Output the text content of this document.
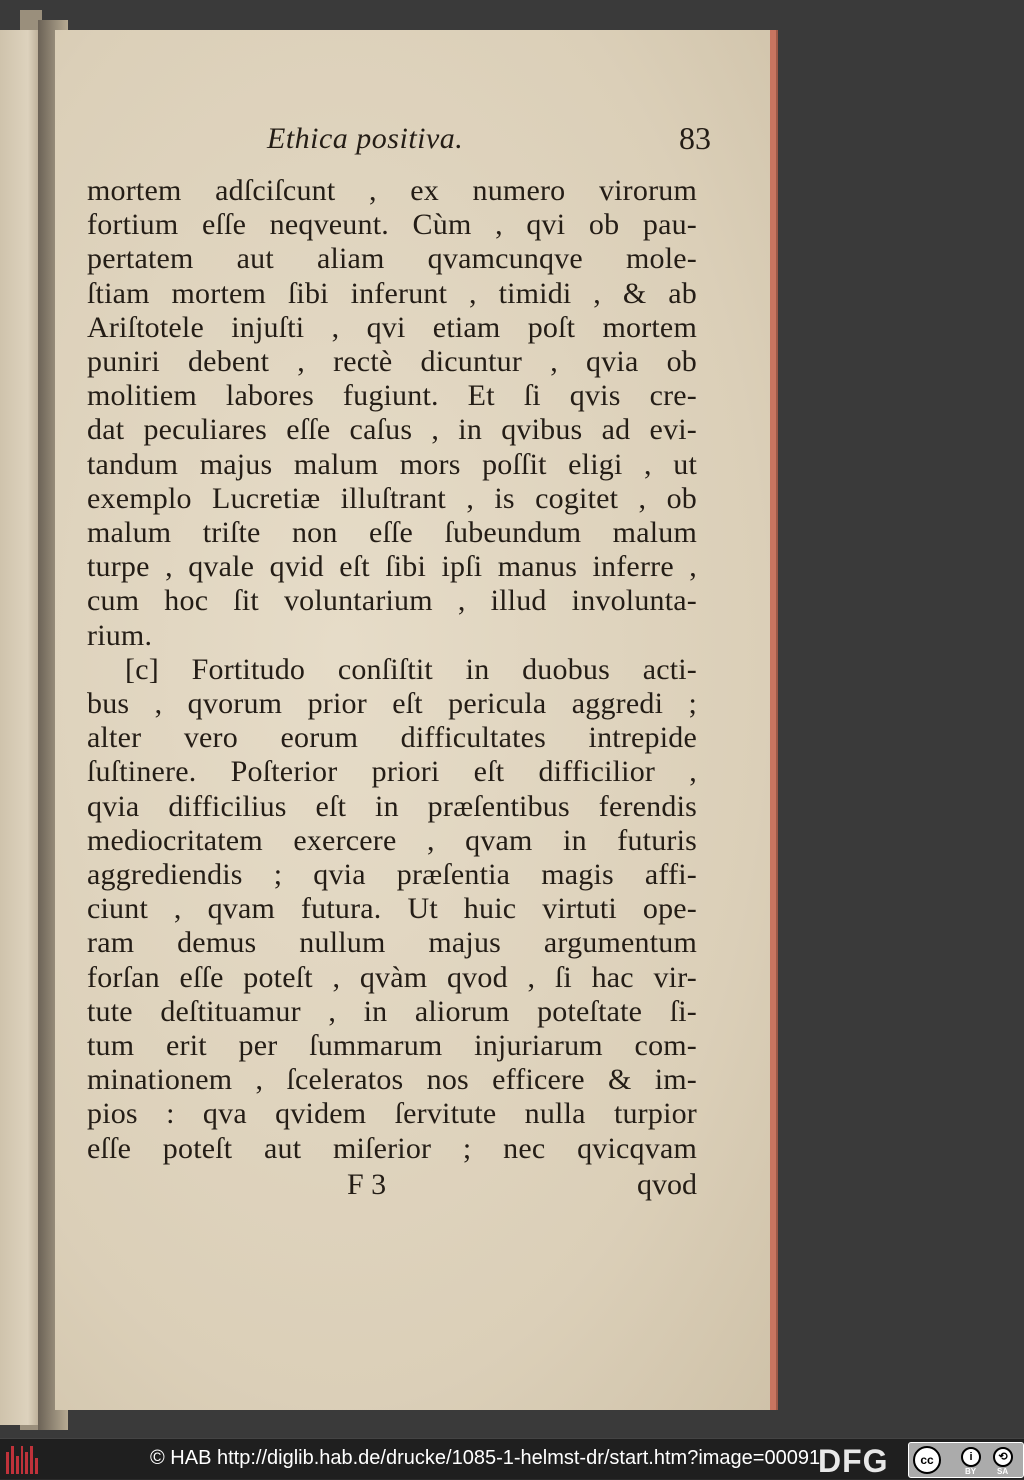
Ethica positiva.	83
mortem adſciſcunt , ex numero virorum
fortium eſſe neqveunt. Cùm , qvi ob pau-
pertatem aut aliam qvamcunqve mole-
ſtiam mortem ſibi inferunt , timidi , & ab
Ariſtotele injuſti , qvi etiam poſt mortem
puniri debent , rectè dicuntur , qvia ob
molitiem labores fugiunt. Et ſi qvis cre-
dat peculiares eſſe caſus , in qvibus ad evi-
tandum majus malum mors poſſit eligi , ut
exemplo Lucretiæ illuſtrant , is cogitet , ob
malum triſte non eſſe ſubeundum malum
turpe , qvale qvid eſt ſibi ipſi manus inferre ,
cum hoc ſit voluntarium , illud involunta-
rium.
[c] Fortitudo conſiſtit in duobus acti-
bus , qvorum prior eſt pericula aggredi ;
alter vero eorum difficultates intrepide
ſuſtinere. Poſterior priori eſt difficilior ,
qvia difficilius eſt in præſentibus ferendis
mediocritatem exercere , qvam in futuris
aggrediendis ; qvia præſentia magis affi-
ciunt , qvam futura. Ut huic virtuti ope-
ram demus nullum majus argumentum
forſan eſſe poteſt , qvàm qvod , ſi hac vir-
tute deſtituamur , in aliorum poteſtate ſi-
tum erit per ſummarum injuriarum com-
minationem , ſceleratos nos efficere & im-
pios : qva qvidem ſervitute nulla turpior
eſſe poteſt aut miſerior ; nec qvicqvam
F 3	qvod
© HAB http://diglib.hab.de/drucke/1085-1-helmst-dr/start.htm?image=00091
DFG	cc	i	⟲
BY	SA
